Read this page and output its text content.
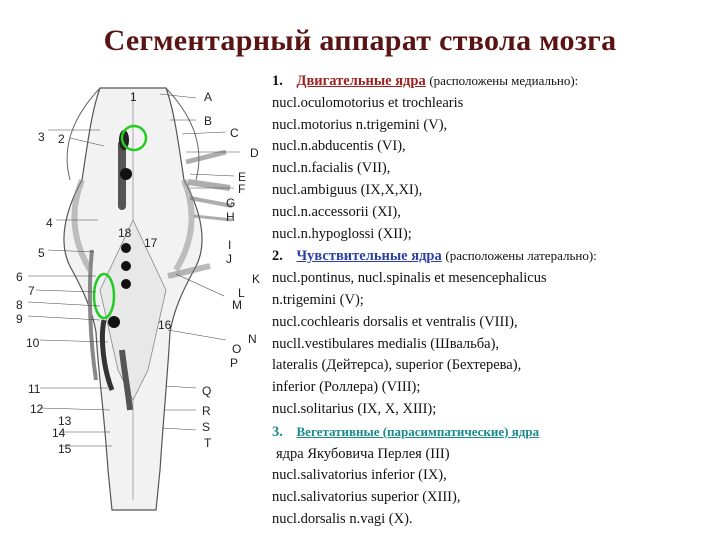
Сегментарный аппарат ствола мозга
1
2
3
4
5
6
7
8
9
10
11
12
13
14
15
18
17
16
A
B
C
D
E
F
G
H
I
J
K
L
M
N
O
P
Q
R
S
T
1. Двигательные ядра (расположены медиально):
nucl.oculomotorius et trochlearis
nucl.motorius n.trigemini (V),
nucl.n.abducentis (VI),
nucl.n.facialis (VII),
nucl.ambiguus (IX,X,XI),
nucl.n.accessorii (XI),
nucl.n.hypoglossi (XII);
2. Чувствительные ядра (расположены латерально):
nucl.pontinus, nucl.spinalis et mesencephalicus
n.trigemini (V);
nucl.cochlearis dorsalis et ventralis (VIII),
nucll.vestibulares medialis (Швальба),
lateralis (Дейтерса), superior (Бехтерева),
inferior (Роллера) (VIII);
nucl.solitarius (IX, X, XIII);
3. Вегетативные (парасимпатические) ядра
ядра Якубовича Перлея (III)
nucl.salivatorius inferior (IX),
nucl.salivatorius superior (XIII),
nucl.dorsalis n.vagi (X).
